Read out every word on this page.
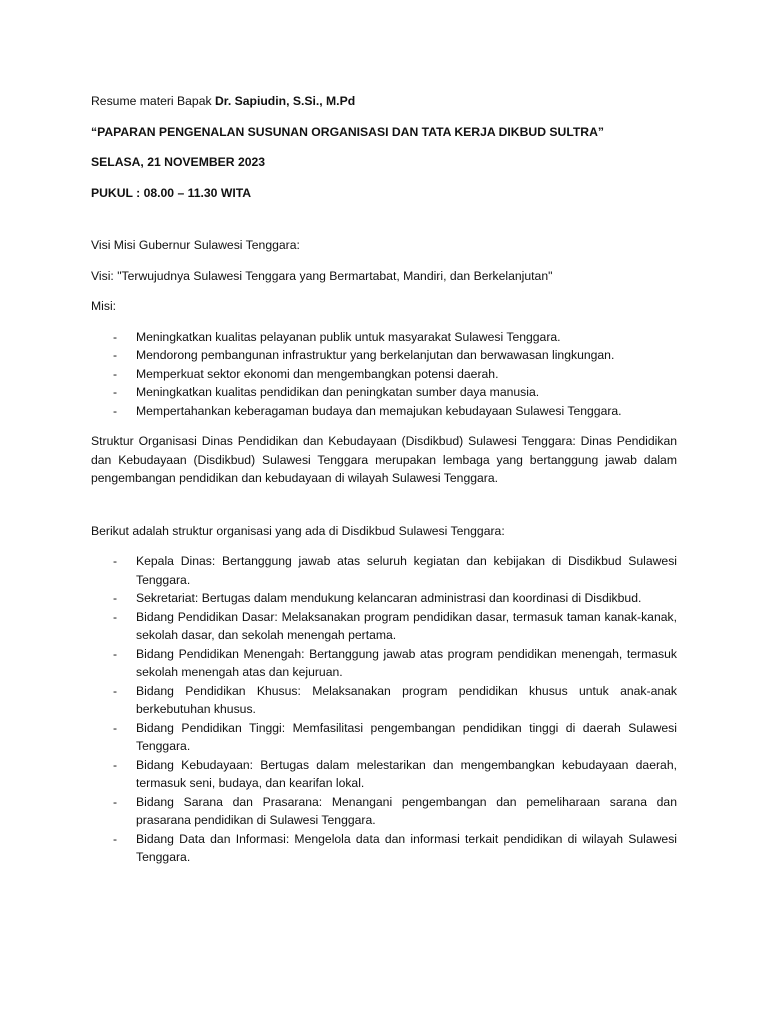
Resume materi Bapak Dr. Sapiudin, S.Si., M.Pd

“PAPARAN PENGENALAN SUSUNAN ORGANISASI DAN TATA KERJA DIKBUD SULTRA”

SELASA, 21 NOVEMBER 2023

PUKUL : 08.00 – 11.30 WITA

Visi Misi Gubernur Sulawesi Tenggara:

Visi: "Terwujudnya Sulawesi Tenggara yang Bermartabat, Mandiri, dan Berkelanjutan"

Misi:

- Meningkatkan kualitas pelayanan publik untuk masyarakat Sulawesi Tenggara.
- Mendorong pembangunan infrastruktur yang berkelanjutan dan berwawasan lingkungan.
- Memperkuat sektor ekonomi dan mengembangkan potensi daerah.
- Meningkatkan kualitas pendidikan dan peningkatan sumber daya manusia.
- Mempertahankan keberagaman budaya dan memajukan kebudayaan Sulawesi Tenggara.

Struktur Organisasi Dinas Pendidikan dan Kebudayaan (Disdikbud) Sulawesi Tenggara: Dinas Pendidikan dan Kebudayaan (Disdikbud) Sulawesi Tenggara merupakan lembaga yang bertanggung jawab dalam pengembangan pendidikan dan kebudayaan di wilayah Sulawesi Tenggara.

Berikut adalah struktur organisasi yang ada di Disdikbud Sulawesi Tenggara:

- Kepala Dinas: Bertanggung jawab atas seluruh kegiatan dan kebijakan di Disdikbud Sulawesi Tenggara.
- Sekretariat: Bertugas dalam mendukung kelancaran administrasi dan koordinasi di Disdikbud.
- Bidang Pendidikan Dasar: Melaksanakan program pendidikan dasar, termasuk taman kanak-kanak, sekolah dasar, dan sekolah menengah pertama.
- Bidang Pendidikan Menengah: Bertanggung jawab atas program pendidikan menengah, termasuk sekolah menengah atas dan kejuruan.
- Bidang Pendidikan Khusus: Melaksanakan program pendidikan khusus untuk anak-anak berkebutuhan khusus.
- Bidang Pendidikan Tinggi: Memfasilitasi pengembangan pendidikan tinggi di daerah Sulawesi Tenggara.
- Bidang Kebudayaan: Bertugas dalam melestarikan dan mengembangkan kebudayaan daerah, termasuk seni, budaya, dan kearifan lokal.
- Bidang Sarana dan Prasarana: Menangani pengembangan dan pemeliharaan sarana dan prasarana pendidikan di Sulawesi Tenggara.
- Bidang Data dan Informasi: Mengelola data dan informasi terkait pendidikan di wilayah Sulawesi Tenggara.
